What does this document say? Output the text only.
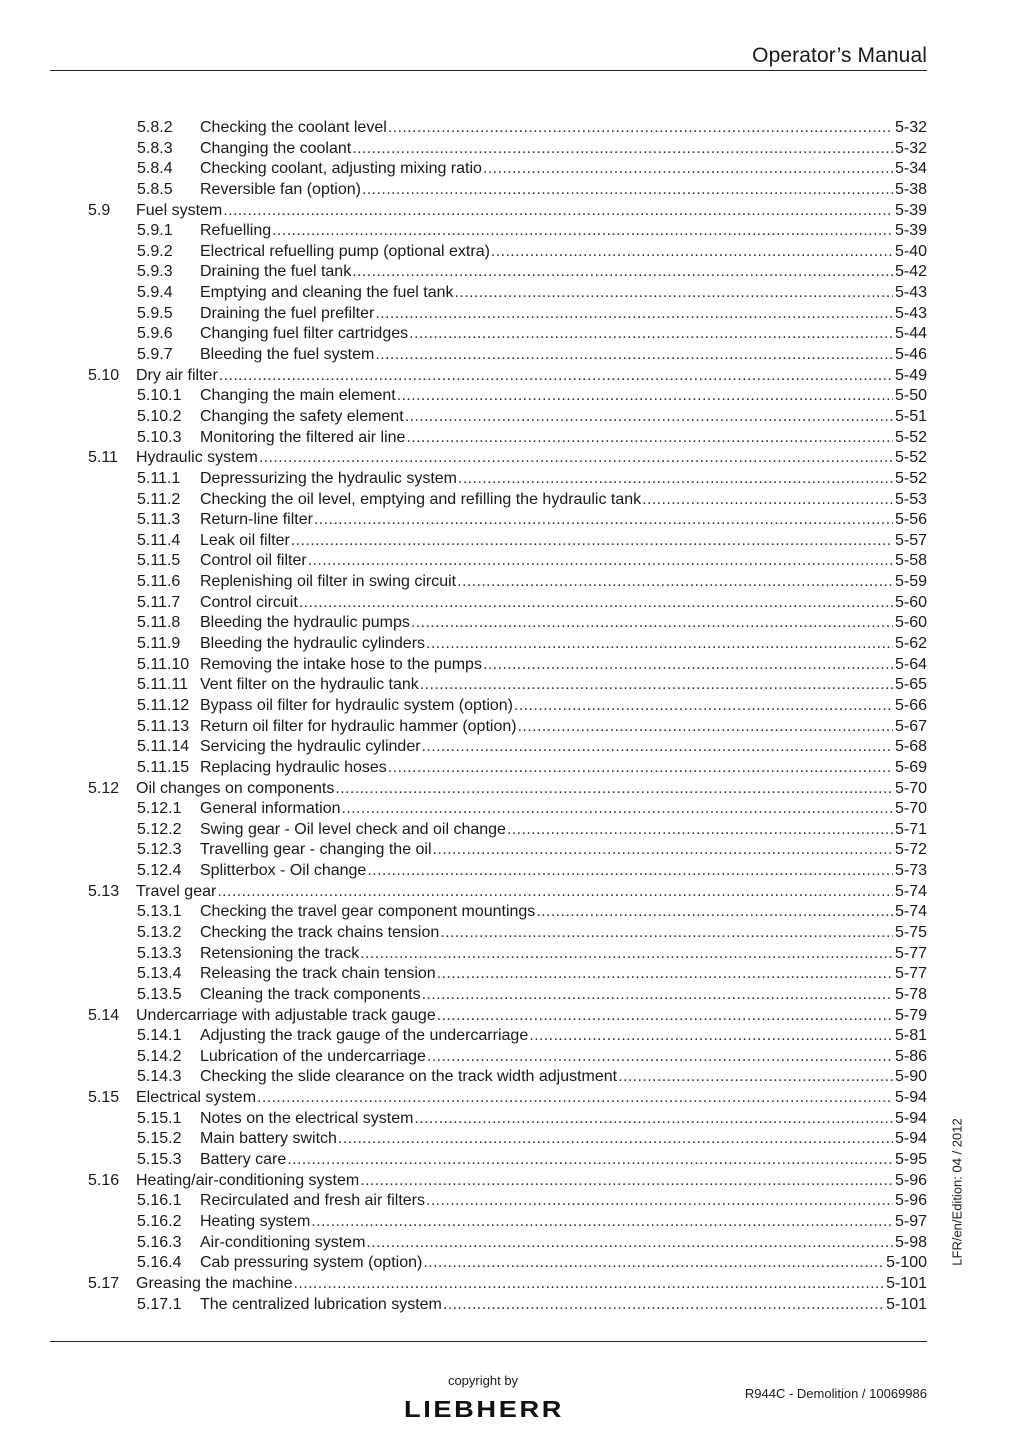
Operator’s Manual
5.8.2 Checking the coolant level .....	5-32
5.8.3 Changing the coolant .....	5-32
5.8.4 Checking coolant, adjusting mixing ratio .....	5-34
5.8.5 Reversible fan (option) .....	5-38
5.9 Fuel system .....	5-39
5.9.1 Refuelling .....	5-39
5.9.2 Electrical refuelling pump (optional extra) .....	5-40
5.9.3 Draining the fuel tank .....	5-42
5.9.4 Emptying and cleaning the fuel tank .....	5-43
5.9.5 Draining the fuel prefilter .....	5-43
5.9.6 Changing fuel filter cartridges .....	5-44
5.9.7 Bleeding the fuel system .....	5-46
5.10 Dry air filter .....	5-49
5.10.1 Changing the main element .....	5-50
5.10.2 Changing the safety element .....	5-51
5.10.3 Monitoring the filtered air line .....	5-52
5.11 Hydraulic system .....	5-52
5.11.1 Depressurizing the hydraulic system .....	5-52
5.11.2 Checking the oil level, emptying and refilling the hydraulic tank .....	5-53
5.11.3 Return-line filter .....	5-56
5.11.4 Leak oil filter .....	5-57
5.11.5 Control oil filter .....	5-58
5.11.6 Replenishing oil filter in swing circuit .....	5-59
5.11.7 Control circuit .....	5-60
5.11.8 Bleeding the hydraulic pumps .....	5-60
5.11.9 Bleeding the hydraulic cylinders .....	5-62
5.11.10 Removing the intake hose to the pumps .....	5-64
5.11.11 Vent filter on the hydraulic tank .....	5-65
5.11.12 Bypass oil filter for hydraulic system (option) .....	5-66
5.11.13 Return oil filter for hydraulic hammer (option) .....	5-67
5.11.14 Servicing the hydraulic cylinder .....	5-68
5.11.15 Replacing hydraulic hoses .....	5-69
5.12 Oil changes on components .....	5-70
5.12.1 General information .....	5-70
5.12.2 Swing gear - Oil level check and oil change .....	5-71
5.12.3 Travelling gear - changing the oil .....	5-72
5.12.4 Splitterbox - Oil change .....	5-73
5.13 Travel gear .....	5-74
5.13.1 Checking the travel gear component mountings .....	5-74
5.13.2 Checking the track chains tension .....	5-75
5.13.3 Retensioning the track .....	5-77
5.13.4 Releasing the track chain tension .....	5-77
5.13.5 Cleaning the track components .....	5-78
5.14 Undercarriage with adjustable track gauge .....	5-79
5.14.1 Adjusting the track gauge of the undercarriage .....	5-81
5.14.2 Lubrication of the undercarriage .....	5-86
5.14.3 Checking the slide clearance on the track width adjustment .....	5-90
5.15 Electrical system .....	5-94
5.15.1 Notes on the electrical system .....	5-94
5.15.2 Main battery switch .....	5-94
5.15.3 Battery care .....	5-95
5.16 Heating/air-conditioning system .....	5-96
5.16.1 Recirculated and fresh air filters .....	5-96
5.16.2 Heating system .....	5-97
5.16.3 Air-conditioning system .....	5-98
5.16.4 Cab pressuring system (option) .....	5-100
5.17 Greasing the machine .....	5-101
5.17.1 The centralized lubrication system .....	5-101
LFR/en/Edition: 04 / 2012
copyright by
LIEBHERR
R944C - Demolition / 10069986
